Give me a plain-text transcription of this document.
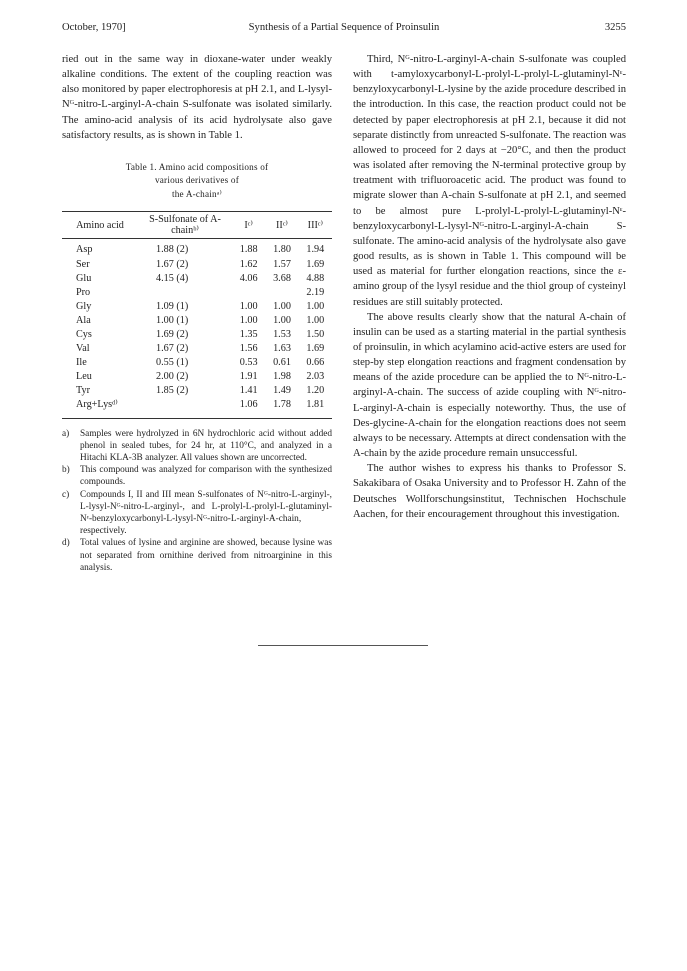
October, 1970]	Synthesis of a Partial Sequence of Proinsulin	3255

ried out in the same way in dioxane-water under weakly alkaline conditions. The extent of the coupling reaction was also monitored by paper electrophoresis at pH 2.1, and L-lysyl-Nᴳ-nitro-L-arginyl-A-chain S-sulfonate was isolated similarly. The amino-acid analysis of its acid hydrolysate also gave satisfactory results, as is shown in Table 1.

Table 1. Amino acid compositions of
various derivatives of
the A-chainᵃ⁾
Amino acid	S-Sulfonate of A-chainᵇ⁾	Iᶜ⁾	IIᶜ⁾	IIIᶜ⁾
Asp	1.88 (2)	1.88	1.80	1.94
Ser	1.67 (2)	1.62	1.57	1.69
Glu	4.15 (4)	4.06	3.68	4.88
Pro				2.19
Gly	1.09 (1)	1.00	1.00	1.00
Ala	1.00 (1)	1.00	1.00	1.00
Cys	1.69 (2)	1.35	1.53	1.50
Val	1.67 (2)	1.56	1.63	1.69
Ile	0.55 (1)	0.53	0.61	0.66
Leu	2.00 (2)	1.91	1.98	2.03
Tyr	1.85 (2)	1.41	1.49	1.20
Arg+Lysᵈ⁾		1.06	1.78	1.81
a)	Samples were hydrolyzed in 6N hydrochloric acid without added phenol in sealed tubes, for 24 hr, at 110°C, and analyzed in a Hitachi KLA-3B analyzer. All values shown are uncorrected.
b)	This compound was analyzed for comparison with the synthesized compounds.
c)	Compounds I, II and III mean S-sulfonates of Nᴳ-nitro-L-arginyl-, L-lysyl-Nᴳ-nitro-L-arginyl-, and L-prolyl-L-prolyl-L-glutaminyl-Nᵋ-benzyloxycarbonyl-L-lysyl-Nᴳ-nitro-L-arginyl-A-chain, respectively.
d)	Total values of lysine and arginine are showed, because lysine was not separated from ornithine derived from nitroarginine in this analysis.

Third, Nᴳ-nitro-L-arginyl-A-chain S-sulfonate was coupled with t-amyloxycarbonyl-L-prolyl-L-prolyl-L-glutaminyl-Nᵋ-benzyloxycarbonyl-L-lysine by the azide procedure described in the introduction. In this case, the reaction product could not be detected by paper electrophoresis at pH 2.1, because it did not separate distinctly from unreacted S-sulfonate. The reaction was allowed to proceed for 2 days at −20°C, and then the product was isolated after removing the N-terminal protective group by treatment with trifluoroacetic acid. The product was found to migrate slower than A-chain S-sulfonate at pH 2.1, and seemed to be almost pure L-prolyl-L-prolyl-L-glutaminyl-Nᵋ-benzyloxycarbonyl-L-lysyl-Nᴳ-nitro-L-arginyl-A-chain S-sulfonate. The amino-acid analysis of the hydrolysate also gave good results, as is shown in Table 1. This compound will be used as material for further elongation reactions, since the ε-amino group of the lysyl residue and the thiol group of cysteinyl residues are still suitably protected.

The above results clearly show that the natural A-chain of insulin can be used as a starting material in the partial synthesis of proinsulin, in which acylamino acid-active esters are used for step-by step elongation reactions and fragment condensation by means of the azide procedure can be applied the to Nᴳ-nitro-L-arginyl-A-chain. The success of azide coupling with Nᴳ-nitro-L-arginyl-A-chain is especially noteworthy. Thus, the use of Des-glycine-A-chain for the elongation reactions does not seem always to be necessary. Attempts at direct condensation with the A-chain by the azide procedure remain unsuccessful.

The author wishes to express his thanks to Professor S. Sakakibara of Osaka University and to Professor H. Zahn of the Deutsches Wollforschungsinstitut, Technischen Hochschule Aachen, for their encouragement throughout this investigation.
